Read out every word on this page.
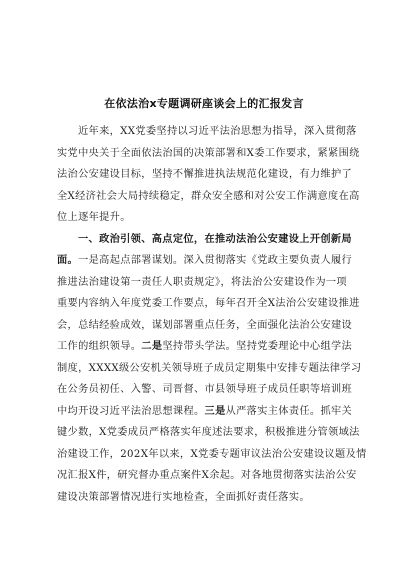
在依法治x专题调研座谈会上的汇报发言
近年来，XX党委坚持以习近平法治思想为指导，深入贯彻落
实党中央关于全面依法治国的决策部署和X委工作要求，紧紧围绕
法治公安建设目标，坚持不懈推进执法规范化建设，有力维护了
全X经济社会大局持续稳定，群众安全感和对公安工作满意度在高
位上逐年提升。
一、政治引领、高点定位，在推动法治公安建设上开创新局
面。一是高起点部署谋划。深入贯彻落实《党政主要负责人履行
推进法治建设第一责任人职责规定》，将法治公安建设作为一项
重要内容纳入年度党委工作要点，每年召开全X法治公安建设推进
会，总结经验成效，谋划部署重点任务，全面强化法治公安建设
工作的组织领导。二是坚持带头学法。坚持党委理论中心组学法
制度，XXXX级公安机关领导班子成员定期集中安排专题法律学习
在公务员初任、入警、司晋督、市县领导班子成员任职等培训班
中均开设习近平法治思想课程。三是从严落实主体责任。抓牢关
键少数，X党委成员严格落实年度述法要求，积极推进分管领域法
治建设工作，202X年以来，X党委专题审议法治公安建设议题及情
况汇报X件，研究督办重点案件X余起。对各地贯彻落实法治公安
建设决策部署情况进行实地检查，全面抓好责任落实。
